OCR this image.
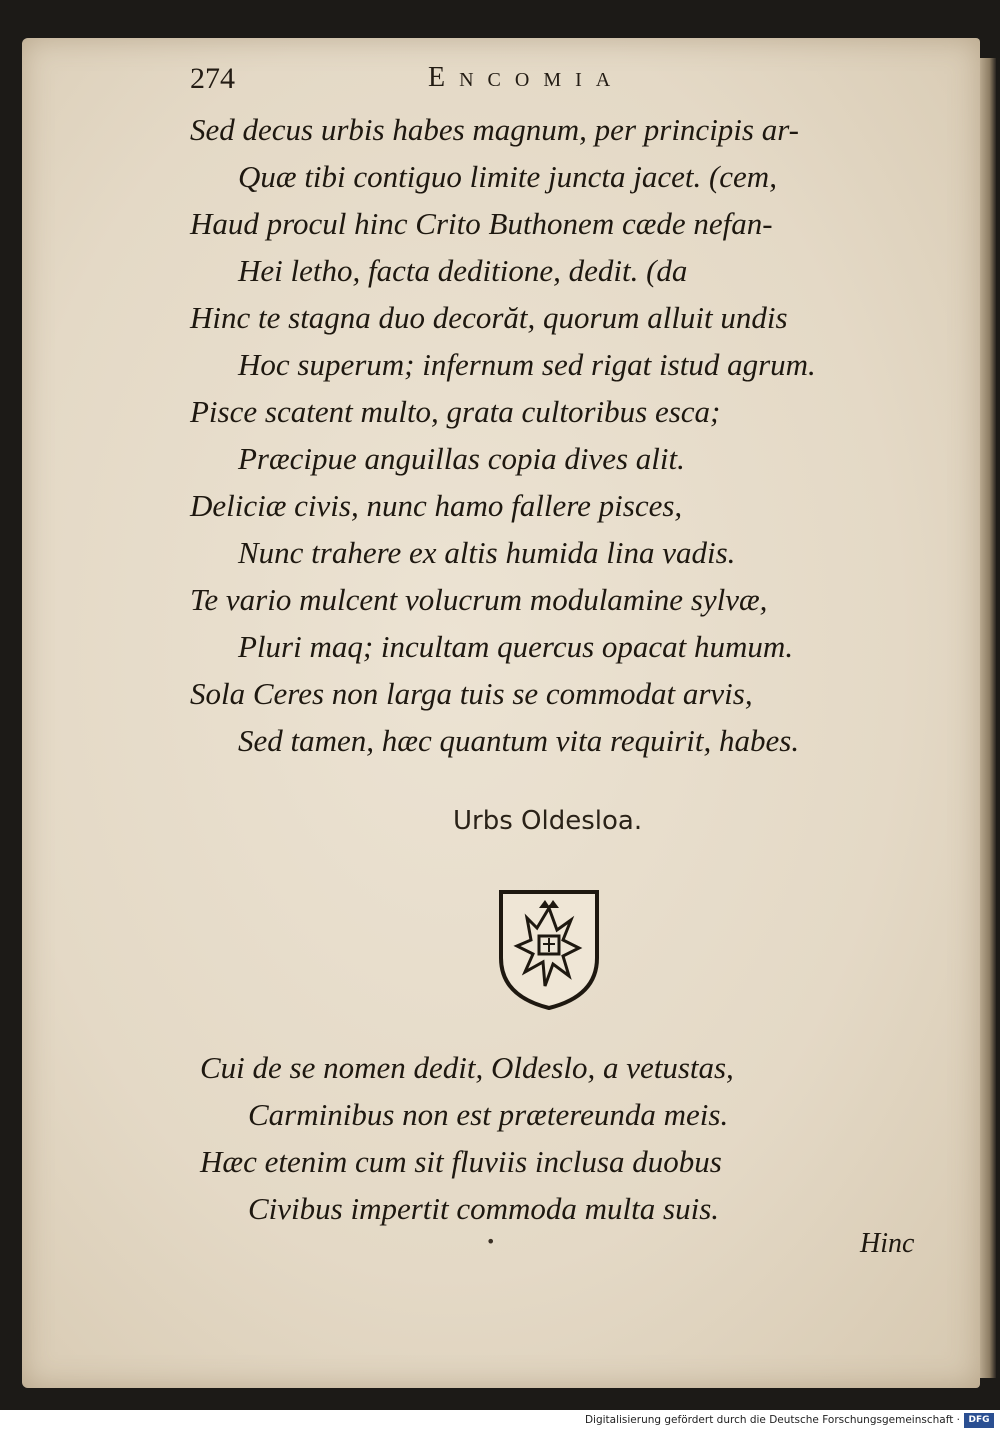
274	Encomia
Sed decus urbis habes magnum, per principis ar-
Quæ tibi contiguo limite juncta jacet. (cem,
Haud procul hinc Crito Buthonem cæde nefan-
Hei letho, facta deditione, dedit. (da
Hinc te stagna duo decorăt, quorum alluit undis
Hoc superum; infernum sed rigat istud agrum.
Pisce scatent multo, grata cultoribus esca;
Præcipue anguillas copia dives alit.
Deliciæ civis, nunc hamo fallere pisces,
Nunc trahere ex altis humida lina vadis.
Te vario mulcent volucrum modulamine sylvæ,
Pluri maq; incultam quercus opacat humum.
Sola Ceres non larga tuis se commodat arvis,
Sed tamen, hæc quantum vita requirit, habes.
Urbs Oldesloa.
Cui de se nomen dedit, Oldeslo, a vetustas,
Carminibus non est prætereunda meis.
Hæc etenim cum sit fluviis inclusa duobus
Civibus impertit commoda multa suis.
•	Hinc
Digitalisierung gefördert durch die Deutsche Forschungsgemeinschaft · DFG
